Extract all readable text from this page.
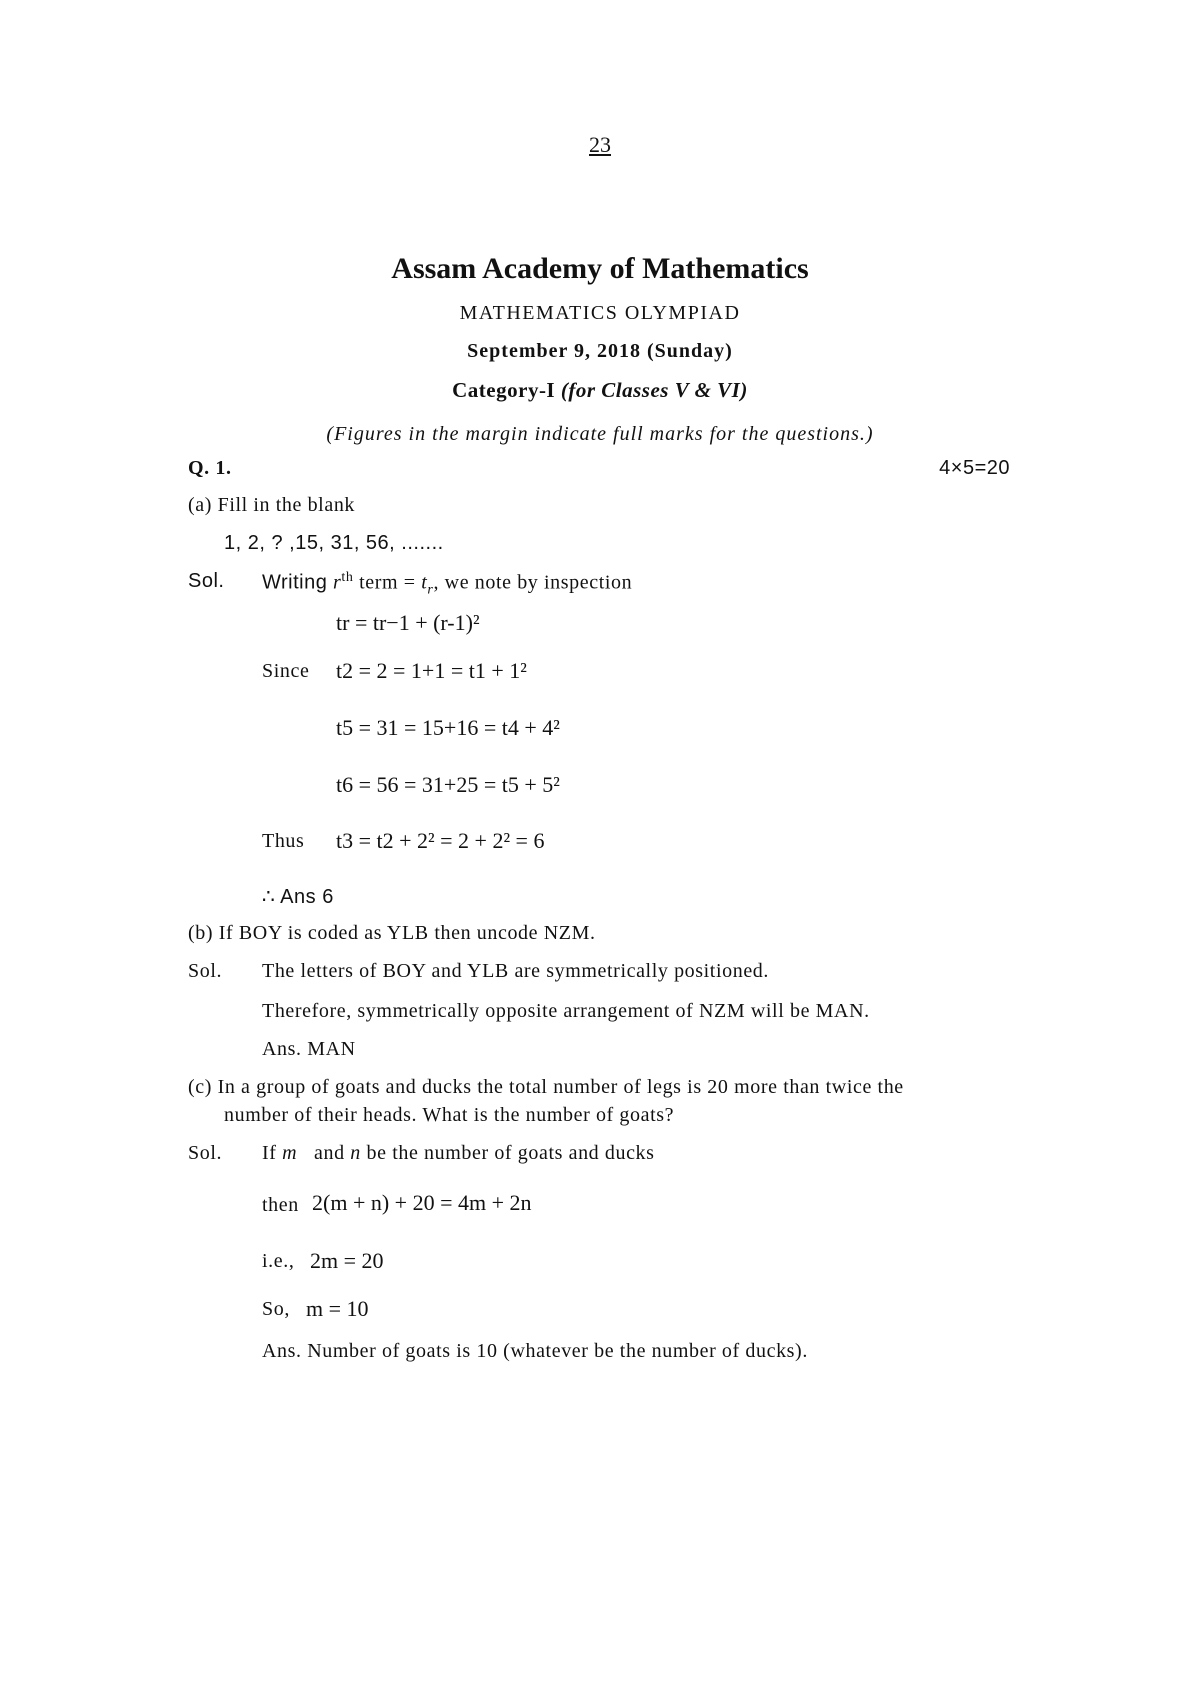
23
Assam Academy of Mathematics
MATHEMATICS OLYMPIAD
September 9, 2018 (Sunday)
Category-I (for Classes V & VI)
(Figures in the margin indicate full marks for the questions.)
Q. 1.	4×5=20
(a) Fill in the blank
1, 2, ? ,15, 31, 56, .......
Sol. Writing $r^{th}$ term = $t_r$, we note by inspection
tr = tr−1 + (r-1)²
Since t2 = 2 = 1+1 = t1 + 1²
t5 = 31 = 15+16 = t4 + 4²
t6 = 56 = 31+25 = t5 + 5²
Thus t3 = t2 + 2² = 2 + 2² = 6
∴ Ans 6
(b) If BOY is coded as YLB then uncode NZM.
Sol. The letters of BOY and YLB are symmetrically positioned.
Therefore, symmetrically opposite arrangement of NZM will be MAN.
Ans. MAN
(c) In a group of goats and ducks the total number of legs is 20 more than twice the
number of their heads. What is the number of goats?
Sol. If m and n be the number of goats and ducks
then 2(m + n) + 20 = 4m + 2n
i.e., 2m = 20
So, m = 10
Ans. Number of goats is 10 (whatever be the number of ducks).
